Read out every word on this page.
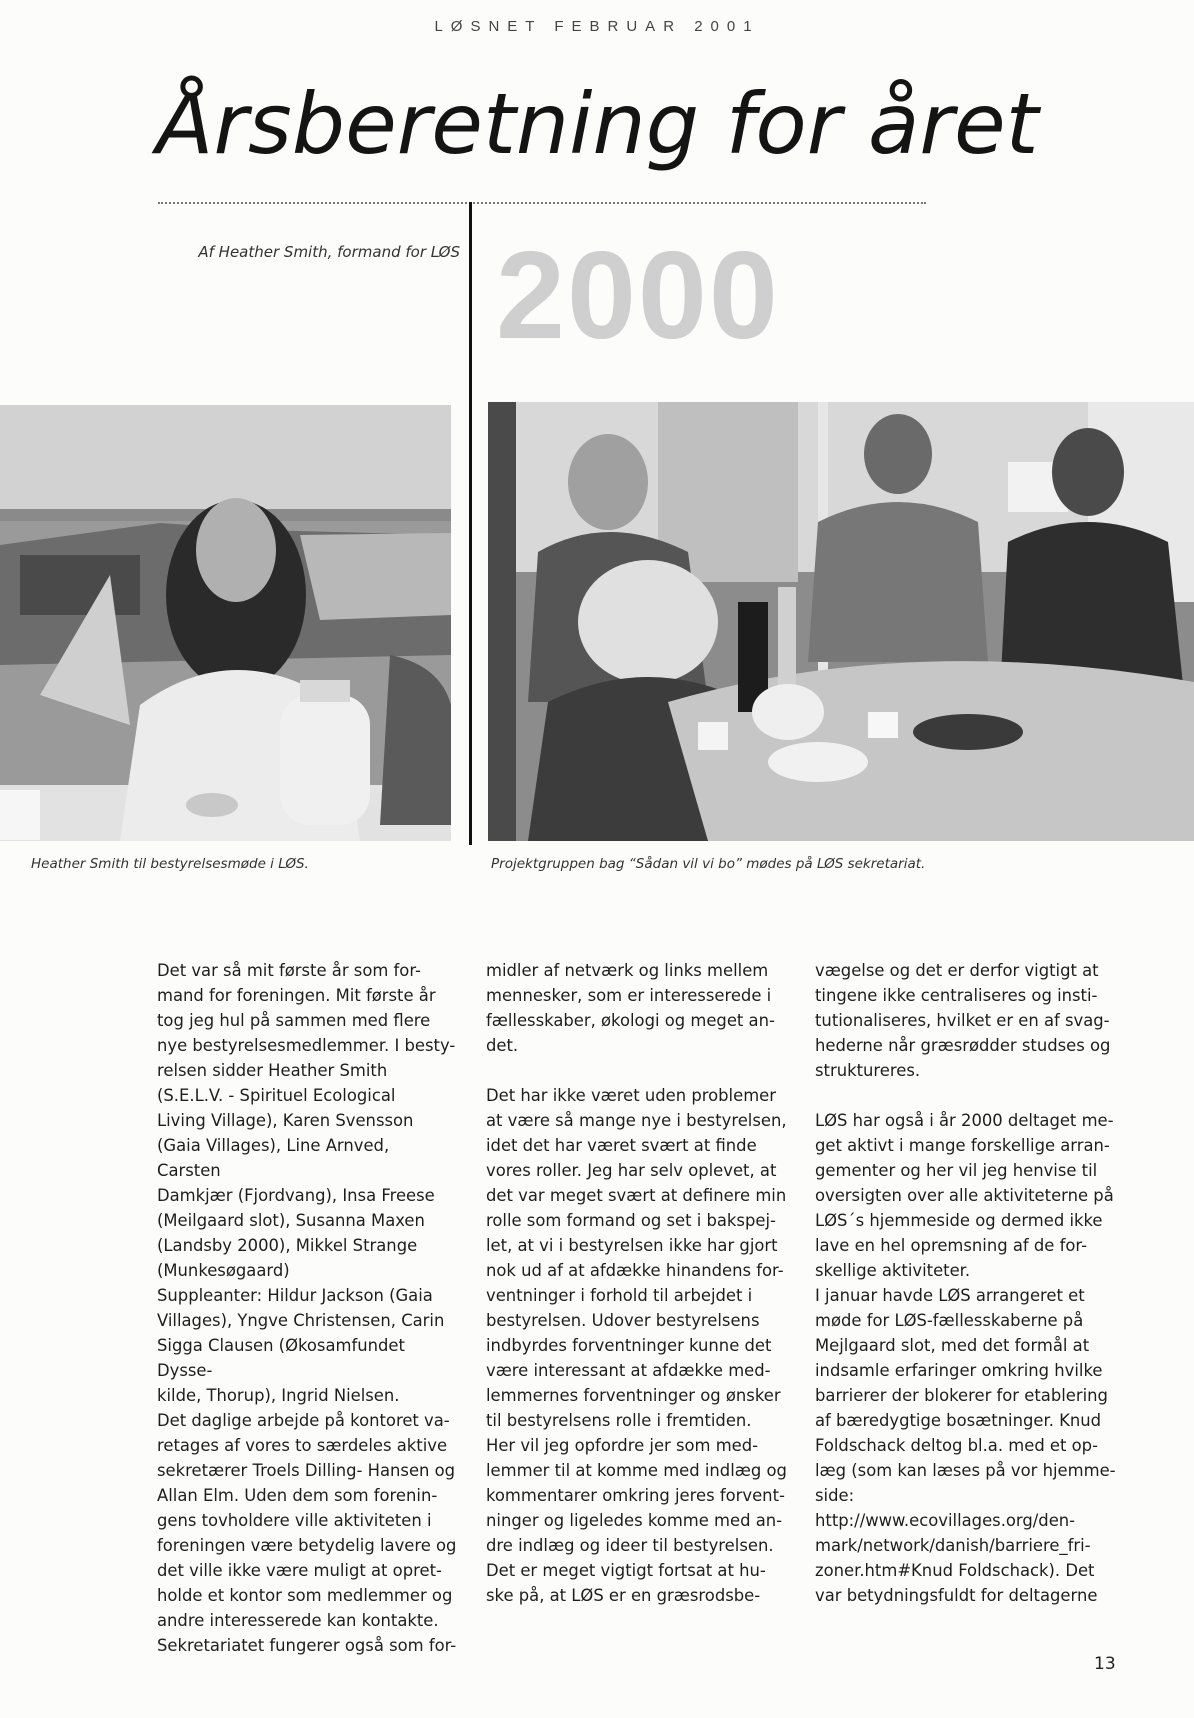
LØSNET FEBRUAR 2001
Årsberetning for året
Af Heather Smith, formand for LØS 2000
Heather Smith til bestyrelsesmøde i LØS.	Projektgruppen bag “Sådan vil vi bo” mødes på LØS sekretariat.

Det var så mit første år som for-

mand for foreningen. Mit første år

tog jeg hul på sammen med flere

nye bestyrelsesmedlemmer. I besty-

relsen sidder Heather Smith

(S.E.L.V. - Spirituel Ecological

Living Village), Karen Svensson

(Gaia Villages), Line Arnved, Carsten

Damkjær (Fjordvang), Insa Freese

(Meilgaard slot), Susanna Maxen

(Landsby 2000), Mikkel Strange

(Munkesøgaard)

Suppleanter: Hildur Jackson (Gaia

Villages), Yngve Christensen, Carin

Sigga Clausen (Økosamfundet Dysse-

kilde, Thorup), Ingrid Nielsen.

Det daglige arbejde på kontoret va-

retages af vores to særdeles aktive

sekretærer Troels Dilling- Hansen og

Allan Elm. Uden dem som forenin-

gens tovholdere ville aktiviteten i

foreningen være betydelig lavere og

det ville ikke være muligt at opret-

holde et kontor som medlemmer og

andre interesserede kan kontakte.

Sekretariatet fungerer også som for-

midler af netværk og links mellem

mennesker, som er interesserede i

fællesskaber, økologi og meget an-

det.

Det har ikke været uden problemer

at være så mange nye i bestyrelsen,

idet det har været svært at finde

vores roller. Jeg har selv oplevet, at

det var meget svært at definere min

rolle som formand og set i bakspej-

let, at vi i bestyrelsen ikke har gjort

nok ud af at afdække hinandens for-

ventninger i forhold til arbejdet i

bestyrelsen. Udover bestyrelsens

indbyrdes forventninger kunne det

være interessant at afdække med-

lemmernes forventninger og ønsker

til bestyrelsens rolle i fremtiden.

Her vil jeg opfordre jer som med-

lemmer til at komme med indlæg og

kommentarer omkring jeres forvent-

ninger og ligeledes komme med an-

dre indlæg og ideer til bestyrelsen.

Det er meget vigtigt fortsat at hu-

ske på, at LØS er en græsrodsbe-

vægelse og det er derfor vigtigt at

tingene ikke centraliseres og insti-

tutionaliseres, hvilket er en af svag-

hederne når græsrødder studses og

struktureres.

LØS har også i år 2000 deltaget me-

get aktivt i mange forskellige arran-

gementer og her vil jeg henvise til

oversigten over alle aktiviteterne på

LØS´s hjemmeside og dermed ikke

lave en hel opremsning af de for-

skellige aktiviteter.

I januar havde LØS arrangeret et

møde for LØS-fællesskaberne på

Mejlgaard slot, med det formål at

indsamle erfaringer omkring hvilke

barrierer der blokerer for etablering

af bæredygtige bosætninger. Knud

Foldschack deltog bl.a. med et op-

læg (som kan læses på vor hjemme-

side:

http://www.ecovillages.org/den-

mark/network/danish/barriere_fri-

zoner.htm#Knud Foldschack). Det

var betydningsfuldt for deltagerne

13
